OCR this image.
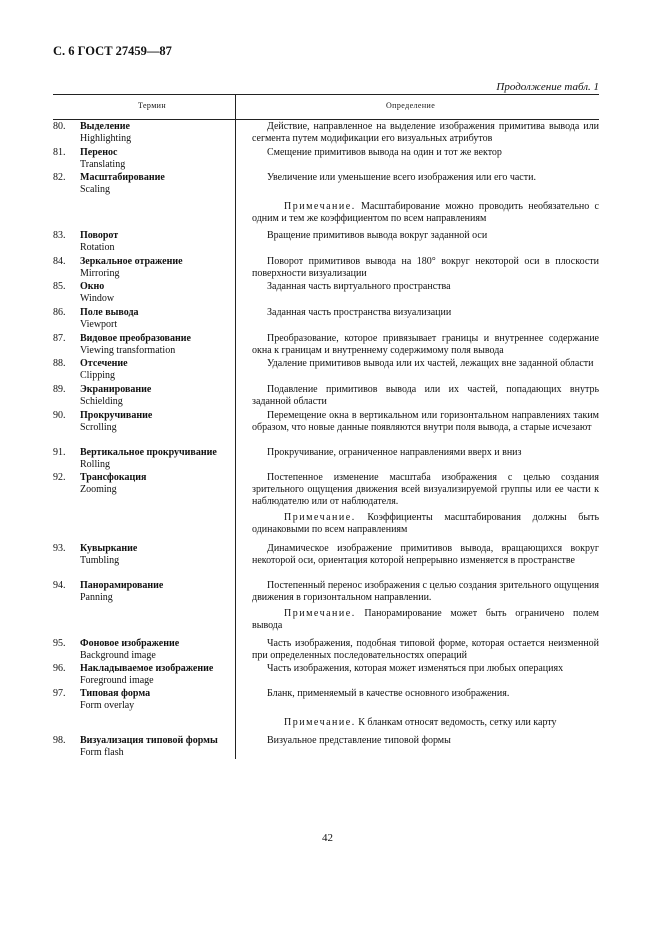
С. 6 ГОСТ 27459—87
Продолжение табл. 1
Термин	Определение
80. Выделение
Highlighting
Действие, направленное на выделение изображения примитива вывода или сегмента путем модификации его визуальных атрибутов
81. Перенос
Translating
Смещение примитивов вывода на один и тот же вектор
82. Масштабирование
Scaling
Увеличение или уменьшение всего изображения или его части.
Примечание. Масштабирование можно проводить необязательно с одним и тем же коэффициентом по всем направлениям
83. Поворот
Rotation
Вращение примитивов вывода вокруг заданной оси
84. Зеркальное отражение
Mirroring
Поворот примитивов вывода на 180° вокруг некоторой оси в плоскости поверхности визуализации
85. Окно
Window
Заданная часть виртуального пространства
86. Поле вывода
Viewport
Заданная часть пространства визуализации
87. Видовое преобразование
Viewing transformation
Преобразование, которое привязывает границы и внутреннее содержание окна к границам и внутреннему содержимому поля вывода
88. Отсечение
Clipping
Удаление примитивов вывода или их частей, лежащих вне заданной области
89. Экранирование
Schielding
Подавление примитивов вывода или их частей, попадающих внутрь заданной области
90. Прокручивание
Scrolling
Перемещение окна в вертикальном или горизонтальном направлениях таким образом, что новые данные появляются внутри поля вывода, а старые исчезают
91. Вертикальное прокручивание
Rolling
Прокручивание, ограниченное направлениями вверх и вниз
92. Трансфокация
Zooming
Постепенное изменение масштаба изображения с целью создания зрительного ощущения движения всей визуализируемой группы или ее части к наблюдателю или от наблюдателя.
Примечание. Коэффициенты масштабирования должны быть одинаковыми по всем направлениям
93. Кувыркание
Tumbling
Динамическое изображение примитивов вывода, вращающихся вокруг некоторой оси, ориентация которой непрерывно изменяется в пространстве
94. Панорамирование
Panning
Постепенный перенос изображения с целью создания зрительного ощущения движения в горизонтальном направлении.
Примечание. Панорамирование может быть ограничено полем вывода
95. Фоновое изображение
Background image
Часть изображения, подобная типовой форме, которая остается неизменной при определенных последовательностях операций
96. Накладываемое изображение
Foreground image
Часть изображения, которая может изменяться при любых операциях
97. Типовая форма
Form overlay
Бланк, применяемый в качестве основного изображения.
Примечание. К бланкам относят ведомость, сетку или карту
98. Визуализация типовой формы
Form flash
Визуальное представление типовой формы
42
